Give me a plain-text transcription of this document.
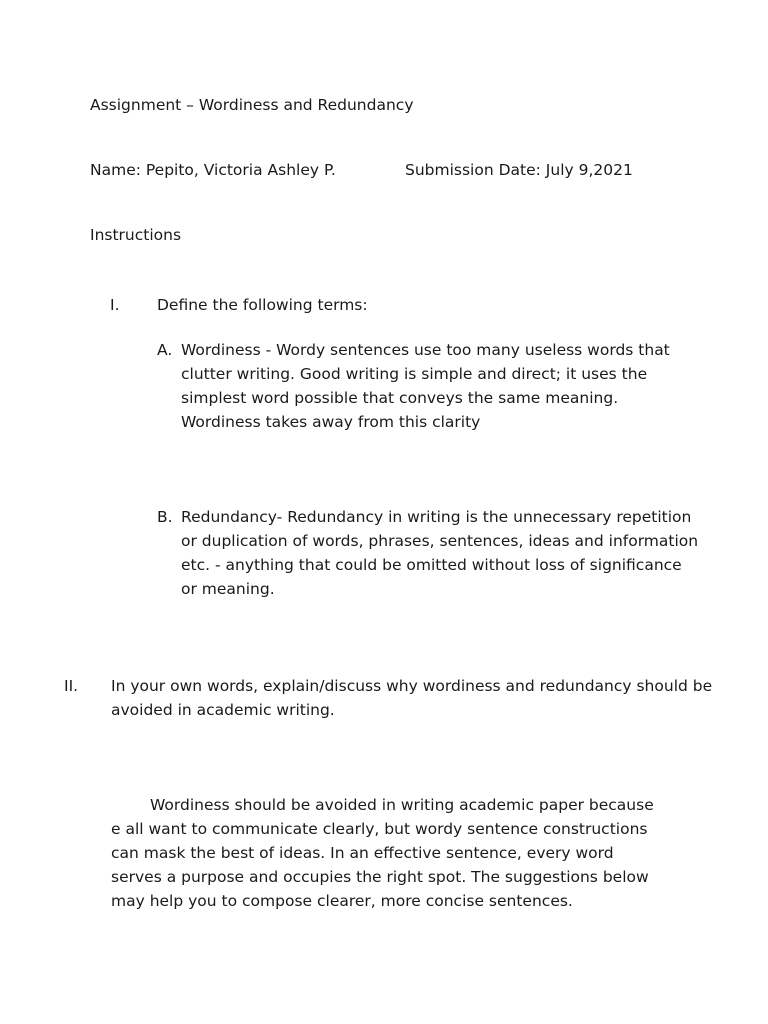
Assignment – Wordiness and Redundancy
Name: Pepito, Victoria Ashley P.	Submission Date: July 9,2021
Instructions
I. Define the following terms:
A. Wordiness - Wordy sentences use too many useless words that clutter writing. Good writing is simple and direct; it uses the simplest word possible that conveys the same meaning. Wordiness takes away from this clarity
B. Redundancy- Redundancy in writing is the unnecessary repetition or duplication of words, phrases, sentences, ideas and information etc. - anything that could be omitted without loss of significance or meaning.
II. In your own words, explain/discuss why wordiness and redundancy should be avoided in academic writing.
Wordiness should be avoided in writing academic paper because e all want to communicate clearly, but wordy sentence constructions can mask the best of ideas. In an effective sentence, every word serves a purpose and occupies the right spot. The suggestions below may help you to compose clearer, more concise sentences.
